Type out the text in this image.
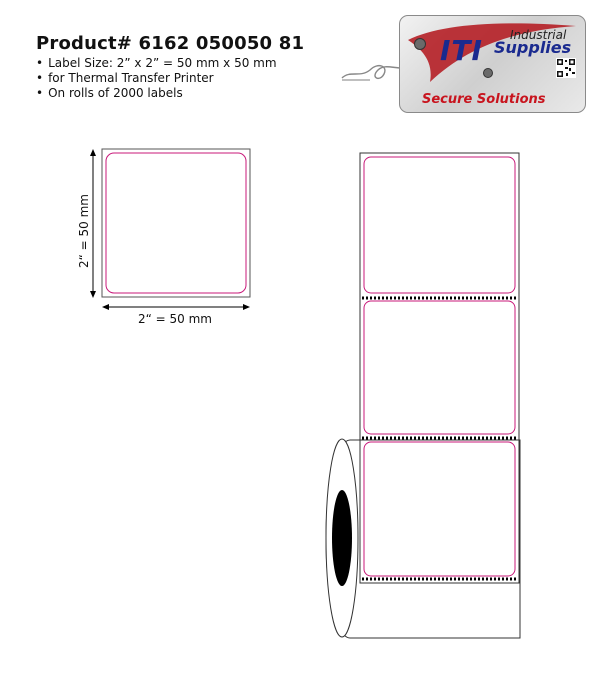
Product# 6162 050050 81
• Label Size: 2” x 2” = 50 mm x 50 mm
• for Thermal Transfer Printer
• On rolls of 2000 labels
ITI Industrial
Supplies
Secure Solutions
2“ = 50 mm
2“ = 50 mm
